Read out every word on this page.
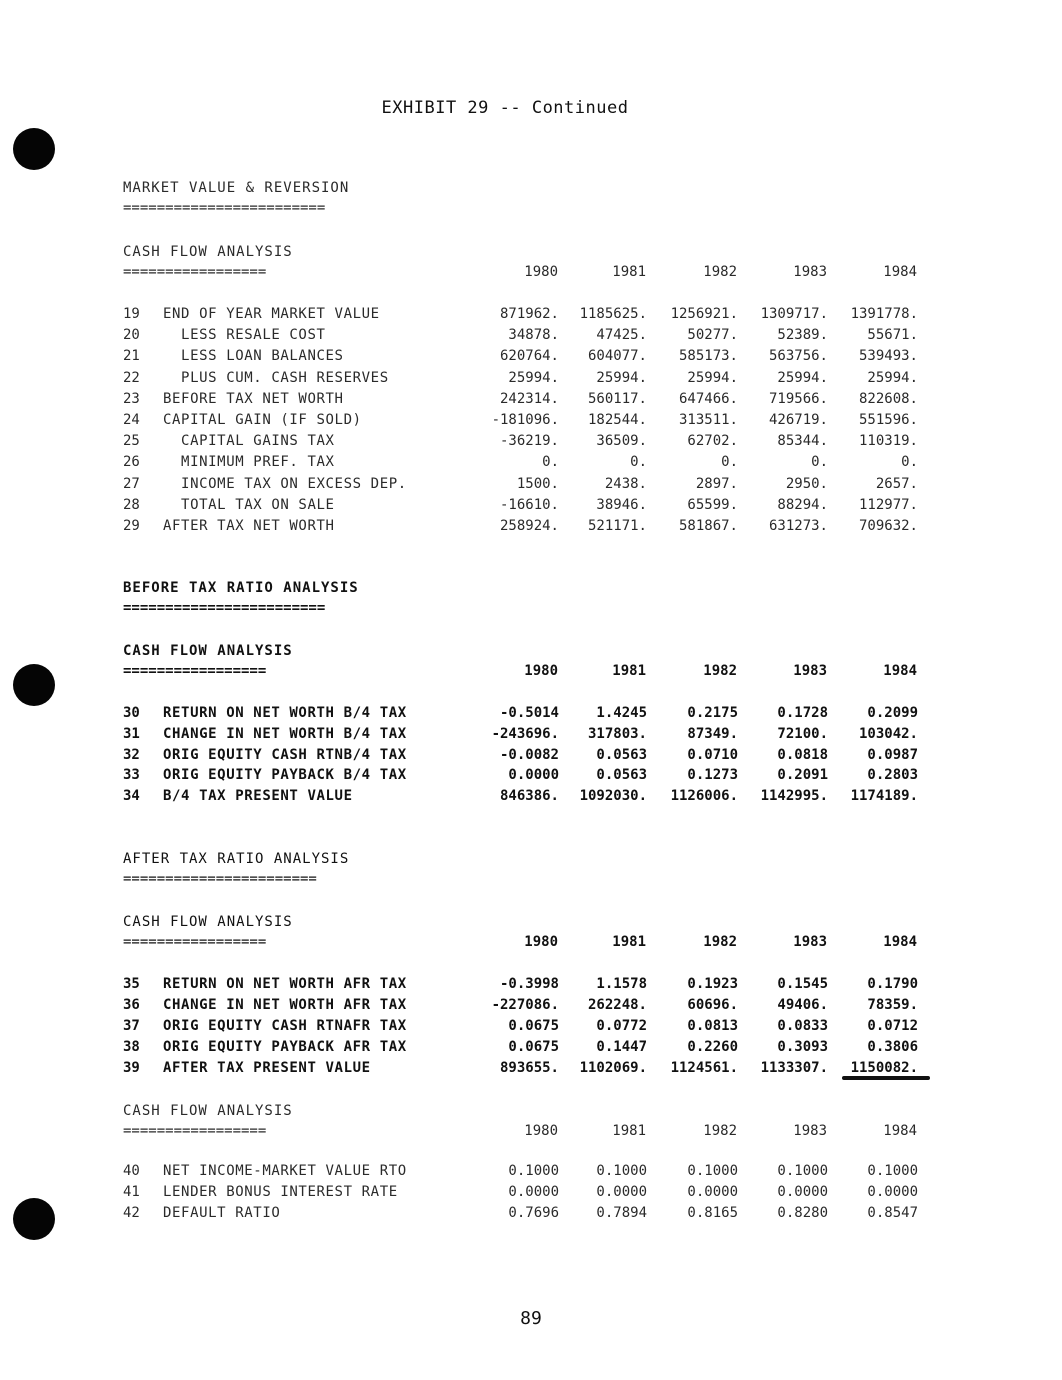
EXHIBIT 29 -- Continued
MARKET VALUE & REVERSION
========================
CASH FLOW ANALYSIS
=================	1980	1981	1982	1983	1984
19	END OF YEAR MARKET VALUE	871962.	1185625.	1256921.	1309717.	1391778.
20	LESS RESALE COST	34878.	47425.	50277.	52389.	55671.
21	LESS LOAN BALANCES	620764.	604077.	585173.	563756.	539493.
22	PLUS CUM. CASH RESERVES	25994.	25994.	25994.	25994.	25994.
23	BEFORE TAX NET WORTH	242314.	560117.	647466.	719566.	822608.
24	CAPITAL GAIN (IF SOLD)	-181096.	182544.	313511.	426719.	551596.
25	CAPITAL GAINS TAX	-36219.	36509.	62702.	85344.	110319.
26	MINIMUM PREF. TAX	0.	0.	0.	0.	0.
27	INCOME TAX ON EXCESS DEP.	1500.	2438.	2897.	2950.	2657.
28	TOTAL TAX ON SALE	-16610.	38946.	65599.	88294.	112977.
29	AFTER TAX NET WORTH	258924.	521171.	581867.	631273.	709632.
BEFORE TAX RATIO ANALYSIS
========================
CASH FLOW ANALYSIS
=================	1980	1981	1982	1983	1984
30	RETURN ON NET WORTH B/4 TAX	-0.5014	1.4245	0.2175	0.1728	0.2099
31	CHANGE IN NET WORTH B/4 TAX	-243696.	317803.	87349.	72100.	103042.
32	ORIG EQUITY CASH RTNB/4 TAX	-0.0082	0.0563	0.0710	0.0818	0.0987
33	ORIG EQUITY PAYBACK B/4 TAX	0.0000	0.0563	0.1273	0.2091	0.2803
34	B/4 TAX PRESENT VALUE	846386.	1092030.	1126006.	1142995.	1174189.
AFTER TAX RATIO ANALYSIS
=======================
CASH FLOW ANALYSIS
=================	1980	1981	1982	1983	1984
35	RETURN ON NET WORTH AFR TAX	-0.3998	1.1578	0.1923	0.1545	0.1790
36	CHANGE IN NET WORTH AFR TAX	-227086.	262248.	60696.	49406.	78359.
37	ORIG EQUITY CASH RTNAFR TAX	0.0675	0.0772	0.0813	0.0833	0.0712
38	ORIG EQUITY PAYBACK AFR TAX	0.0675	0.1447	0.2260	0.3093	0.3806
39	AFTER TAX PRESENT VALUE	893655.	1102069.	1124561.	1133307.	1150082.
CASH FLOW ANALYSIS
=================	1980	1981	1982	1983	1984
40	NET INCOME-MARKET VALUE RTO	0.1000	0.1000	0.1000	0.1000	0.1000
41	LENDER BONUS INTEREST RATE	0.0000	0.0000	0.0000	0.0000	0.0000
42	DEFAULT RATIO	0.7696	0.7894	0.8165	0.8280	0.8547
89
